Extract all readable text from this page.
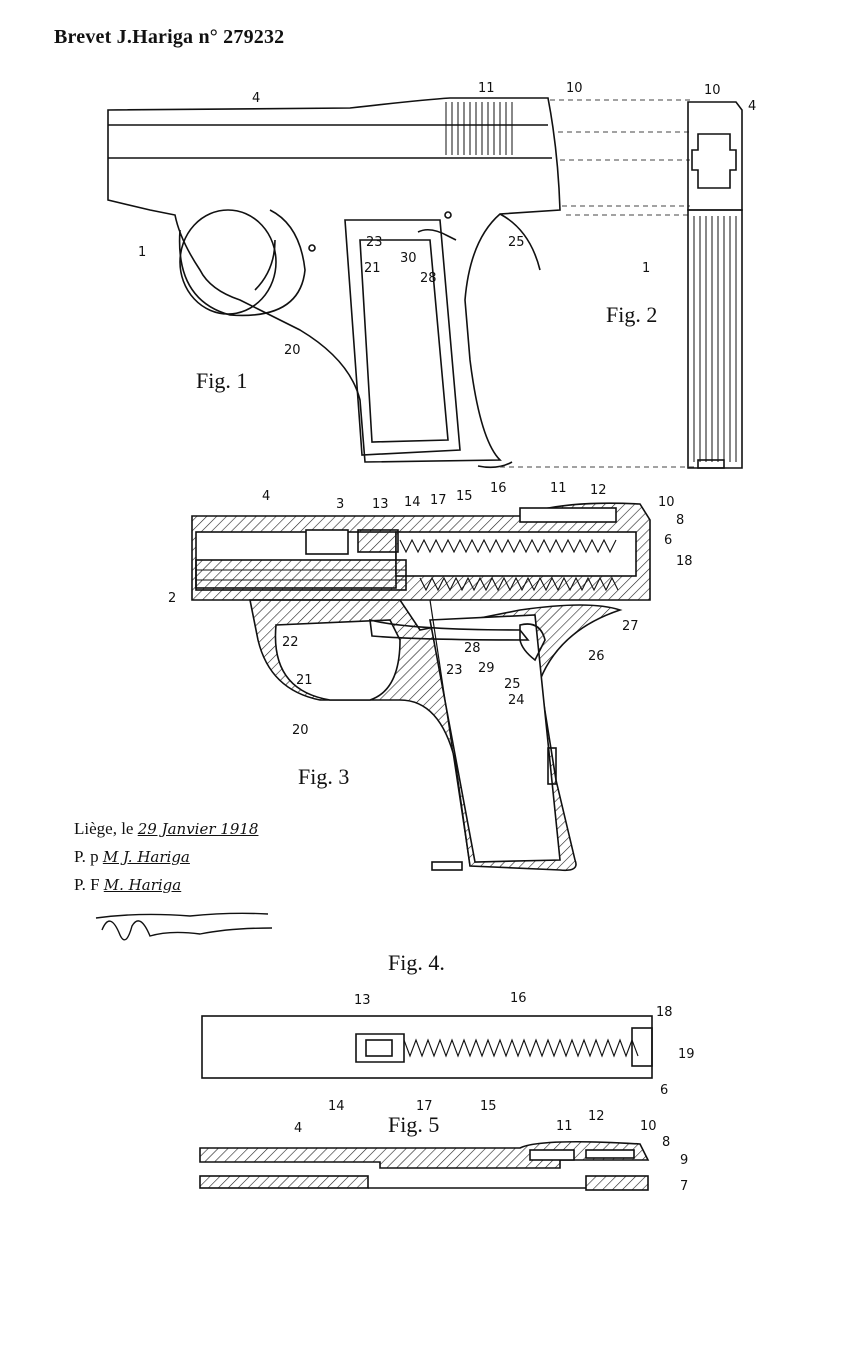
Brevet J.Hariga n° 279232
4
11	10
1
23	25
30
28
21
20
Fig. 1
10
4
1
Fig. 2
4
3 13 14 17 15
16	11 12
10
8
6
18
2
22
21
28
27
26
23 29
25
24
20
Fig. 3
Fig. 4.
13	16
18
19
14	17	15
6
Fig. 5
4	11
12
10
8
9
7
Liège, le 29 Janvier 1918
P. p M J. Hariga
P. F M. Hariga
